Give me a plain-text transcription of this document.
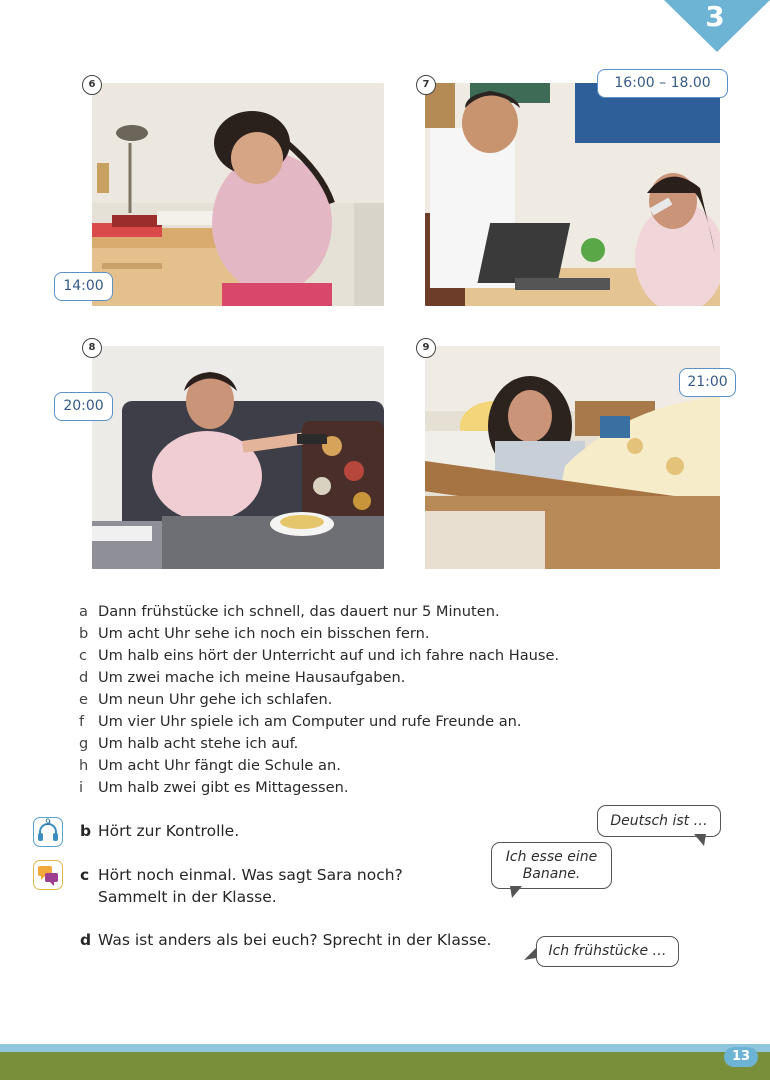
3
6
14:00
7	16:00 – 18.00
8
20:00
9
21:00
a Dann frühstücke ich schnell, das dauert nur 5 Minuten.
b Um acht Uhr sehe ich noch ein bisschen fern.
c Um halb eins hört der Unterricht auf und ich fahre nach Hause.
d Um zwei mache ich meine Hausaufgaben.
e Um neun Uhr gehe ich schlafen.
f Um vier Uhr spiele ich am Computer und rufe Freunde an.
g Um halb acht stehe ich auf.
h Um acht Uhr fängt die Schule an.
i Um halb zwei gibt es Mittagessen.
9 b Hört zur Kontrolle.
c Hört noch einmal. Was sagt Sara noch?
Sammelt in der Klasse.
d Was ist anders als bei euch? Sprecht in der Klasse.
Deutsch ist …
Ich esse eine
Banane.
Ich frühstücke …
13
